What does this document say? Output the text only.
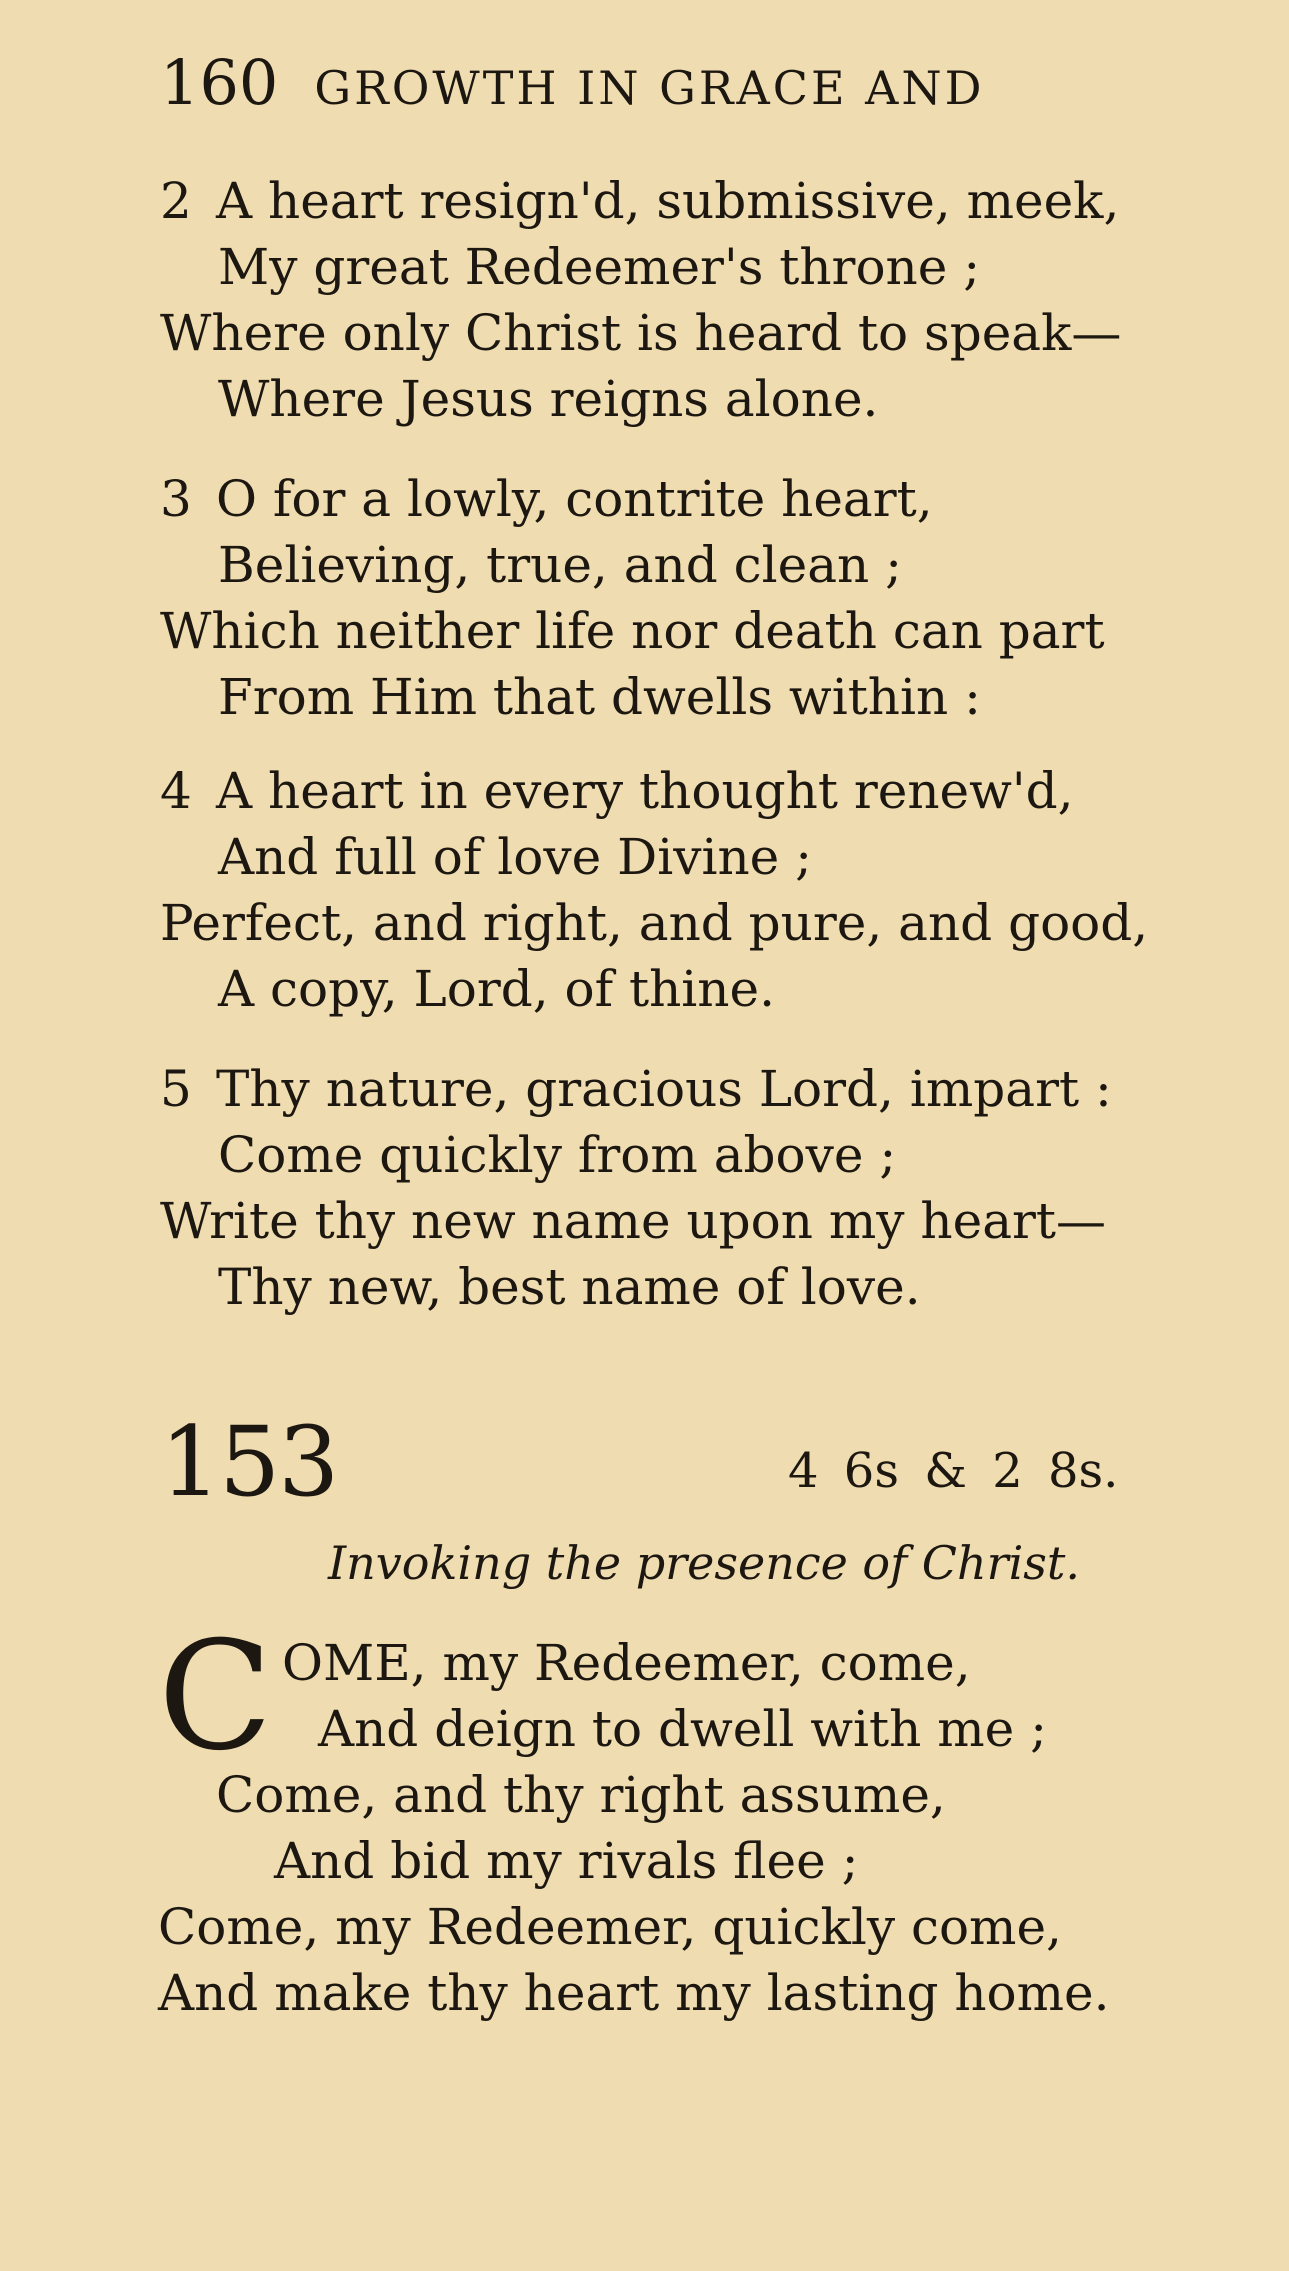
160 GROWTH IN GRACE AND
2 A heart resign'd, submissive, meek,
My great Redeemer's throne ;
Where only Christ is heard to speak—
Where Jesus reigns alone.
3 O for a lowly, contrite heart,
Believing, true, and clean ;
Which neither life nor death can part
From Him that dwells within :
4 A heart in every thought renew'd,
And full of love Divine ;
Perfect, and right, and pure, and good,
A copy, Lord, of thine.
5 Thy nature, gracious Lord, impart :
Come quickly from above ;
Write thy new name upon my heart—
Thy new, best name of love.
153	4 6s & 2 8s.
Invoking the presence of Christ.
C OME, my Redeemer, come,
And deign to dwell with me ;
Come, and thy right assume,
And bid my rivals flee ;
Come, my Redeemer, quickly come,
And make thy heart my lasting home.
